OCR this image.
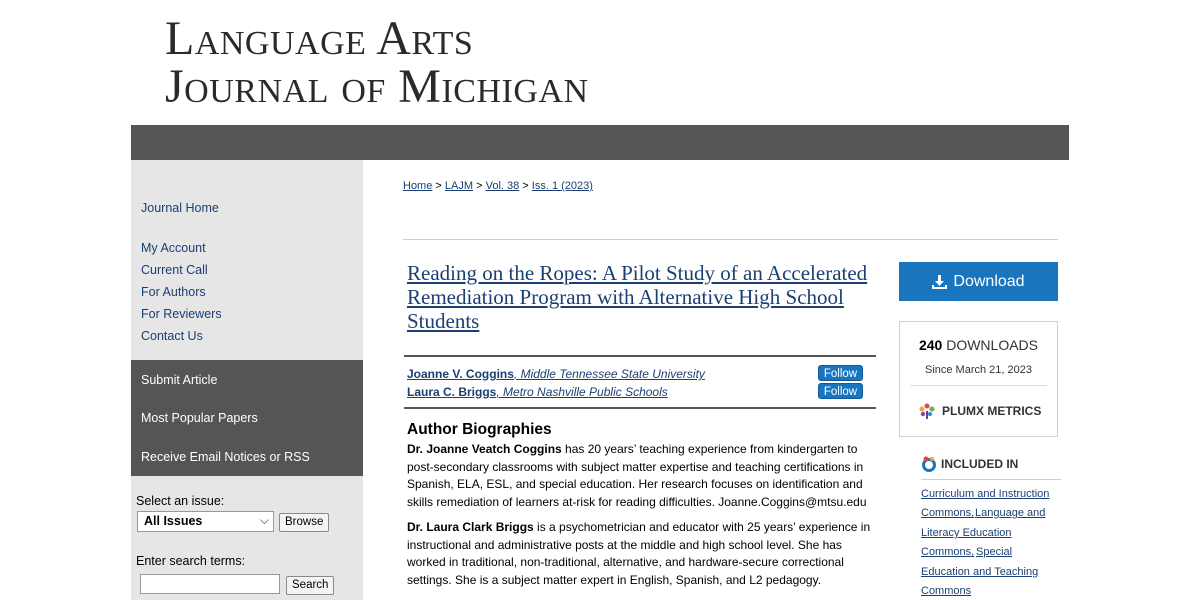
Language Arts
Journal of Michigan
Journal Home
My Account
Current Call
For Authors
For Reviewers
Contact Us
Submit Article
Most Popular Papers
Receive Email Notices or RSS
Select an issue:
All Issues	⌵	Browse
Enter search terms:
Search
Home > LAJM > Vol. 38 > Iss. 1 (2023)
Reading on the Ropes: A Pilot Study of an Accelerated Remediation Program with Alternative High School Students
Joanne V. Coggins, Middle Tennessee State University	Follow
Laura C. Briggs, Metro Nashville Public Schools	Follow
Author Biographies
Dr. Joanne Veatch Coggins has 20 years’ teaching experience from kindergarten to post-secondary classrooms with subject matter expertise and teaching certifications in Spanish, ELA, ESL, and special education. Her research focuses on identification and skills remediation of learners at-risk for reading difficulties. Joanne.Coggins@mtsu.edu
Dr. Laura Clark Briggs is a psychometrician and educator with 25 years’ experience in instructional and administrative posts at the middle and high school level. She has worked in traditional, non-traditional, alternative, and hardware-secure correctional settings. She is a subject matter expert in English, Spanish, and L2 pedagogy.
Download
240 DOWNLOADS
Since March 21, 2023
PLUMX METRICS
INCLUDED IN
Curriculum and Instruction
Commons, Language and
Literacy Education
Commons, Special
Education and Teaching
Commons
